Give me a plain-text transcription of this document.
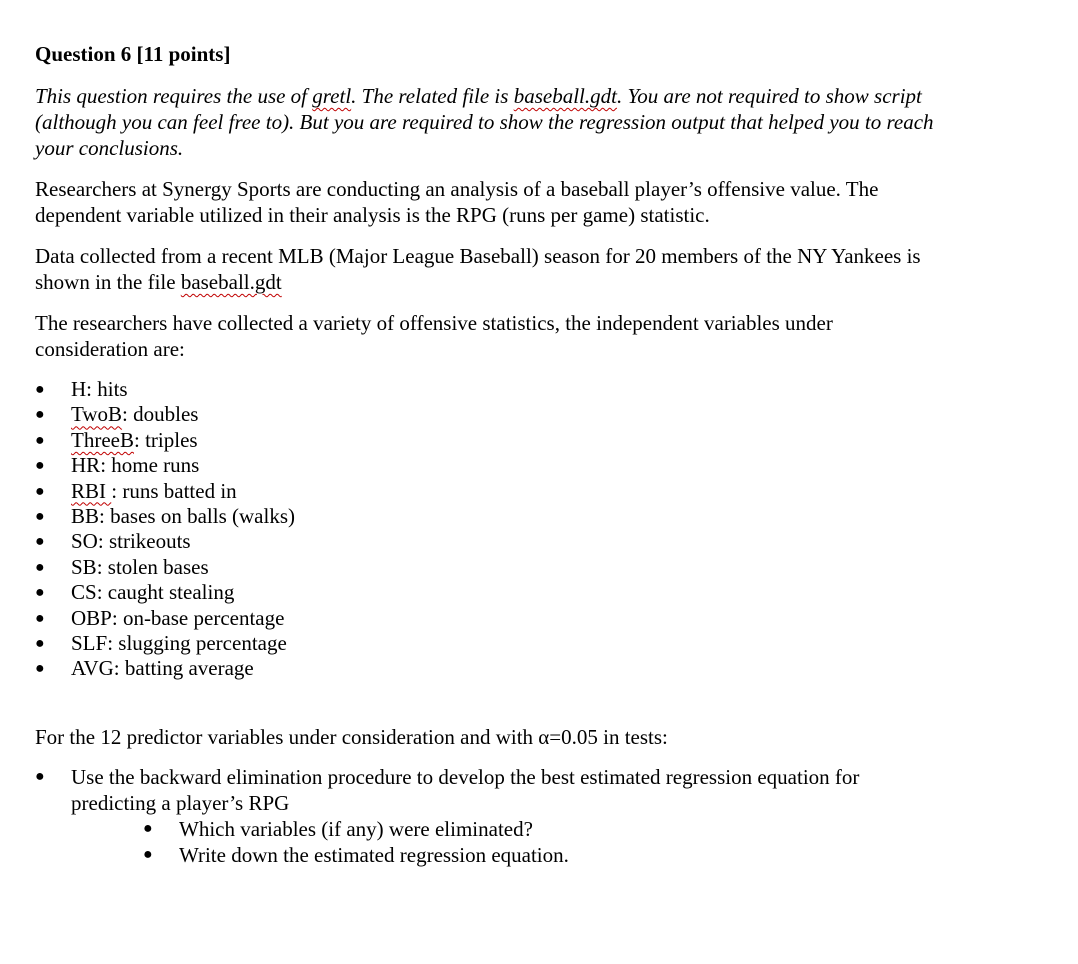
Question 6 [11 points]

This question requires the use of gretl. The related file is baseball.gdt. You are not required to show script (although you can feel free to). But you are required to show the regression output that helped you to reach your conclusions.

Researchers at Synergy Sports are conducting an analysis of a baseball player’s offensive value. The dependent variable utilized in their analysis is the RPG (runs per game) statistic.

Data collected from a recent MLB (Major League Baseball) season for 20 members of the NY Yankees is shown in the file baseball.gdt

The researchers have collected a variety of offensive statistics, the independent variables under consideration are:

● H: hits
● TwoB: doubles
● ThreeB: triples
● HR: home runs
● RBI : runs batted in
● BB: bases on balls (walks)
● SO: strikeouts
● SB: stolen bases
● CS: caught stealing
● OBP: on-base percentage
● SLF: slugging percentage
● AVG: batting average

For the 12 predictor variables under consideration and with α=0.05 in tests:

● Use the backward elimination procedure to develop the best estimated regression equation for predicting a player’s RPG
● Which variables (if any) were eliminated?
● Write down the estimated regression equation.
